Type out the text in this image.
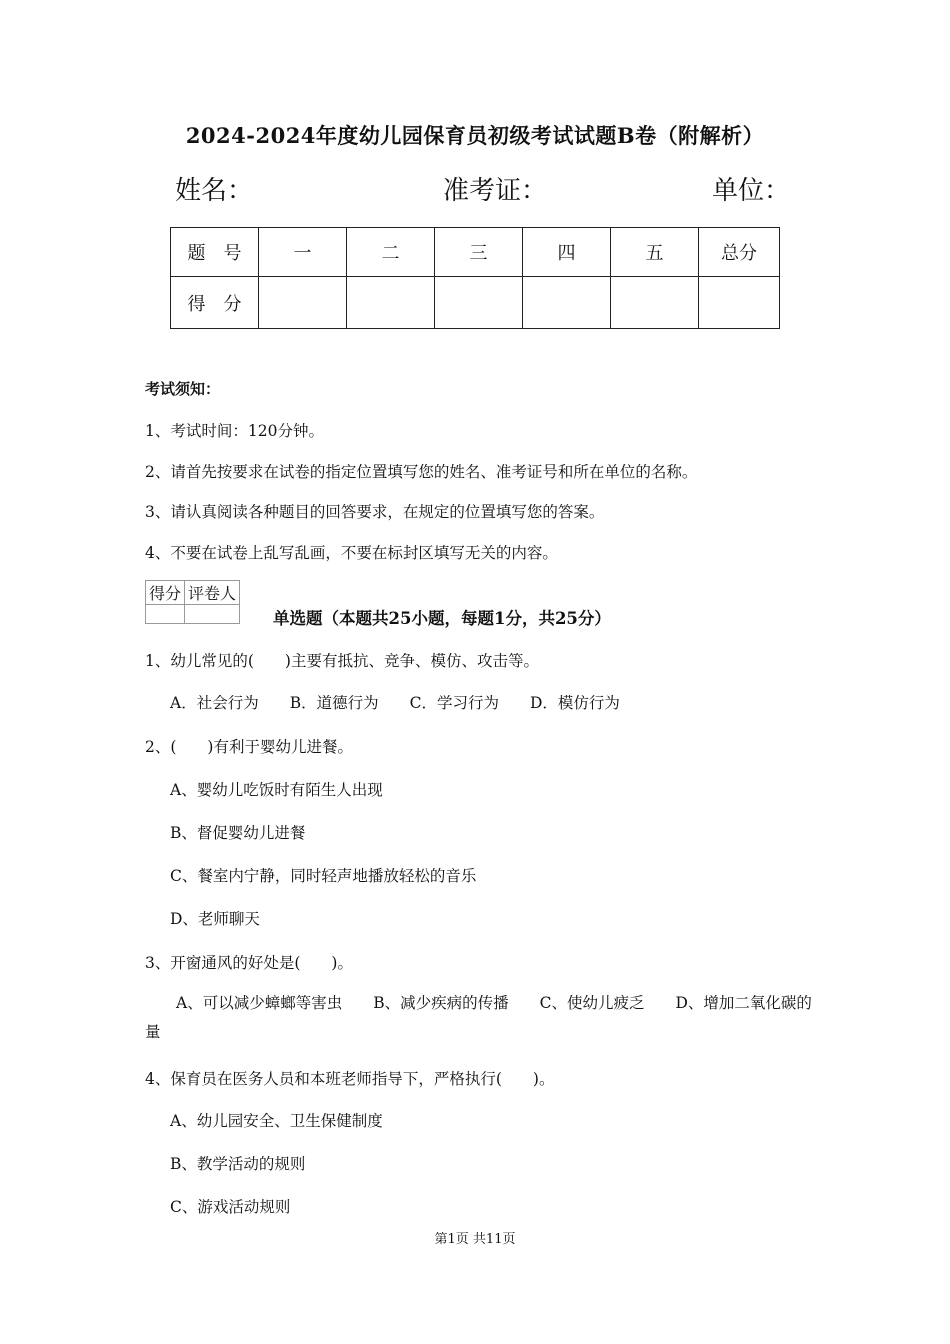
2024-2024年度幼儿园保育员初级考试试题B卷（附解析）
姓名：	准考证：	单位：
题　号	一	二	三	四	五	总分
得　分						
考试须知：
1、考试时间：120分钟。
2、请首先按要求在试卷的指定位置填写您的姓名、准考证号和所在单位的名称。
3、请认真阅读各种题目的回答要求，在规定的位置填写您的答案。
4、不要在试卷上乱写乱画，不要在标封区填写无关的内容。
得分	评卷人

单选题（本题共25小题，每题1分，共25分）
1、幼儿常见的(　　)主要有抵抗、竞争、模仿、攻击等。
A．社会行为　　B．道德行为　　C．学习行为　　D．模仿行为
2、(　　)有利于婴幼儿进餐。
A、婴幼儿吃饭时有陌生人出现
B、督促婴幼儿进餐
C、餐室内宁静，同时轻声地播放轻松的音乐
D、老师聊天
3、开窗通风的好处是(　　)。
　　A、可以减少蟑螂等害虫　　B、减少疾病的传播　　C、使幼儿疲乏　　D、增加二氧化碳的量
4、保育员在医务人员和本班老师指导下，严格执行(　　)。
A、幼儿园安全、卫生保健制度
B、教学活动的规则
C、游戏活动规则
第1页 共11页
